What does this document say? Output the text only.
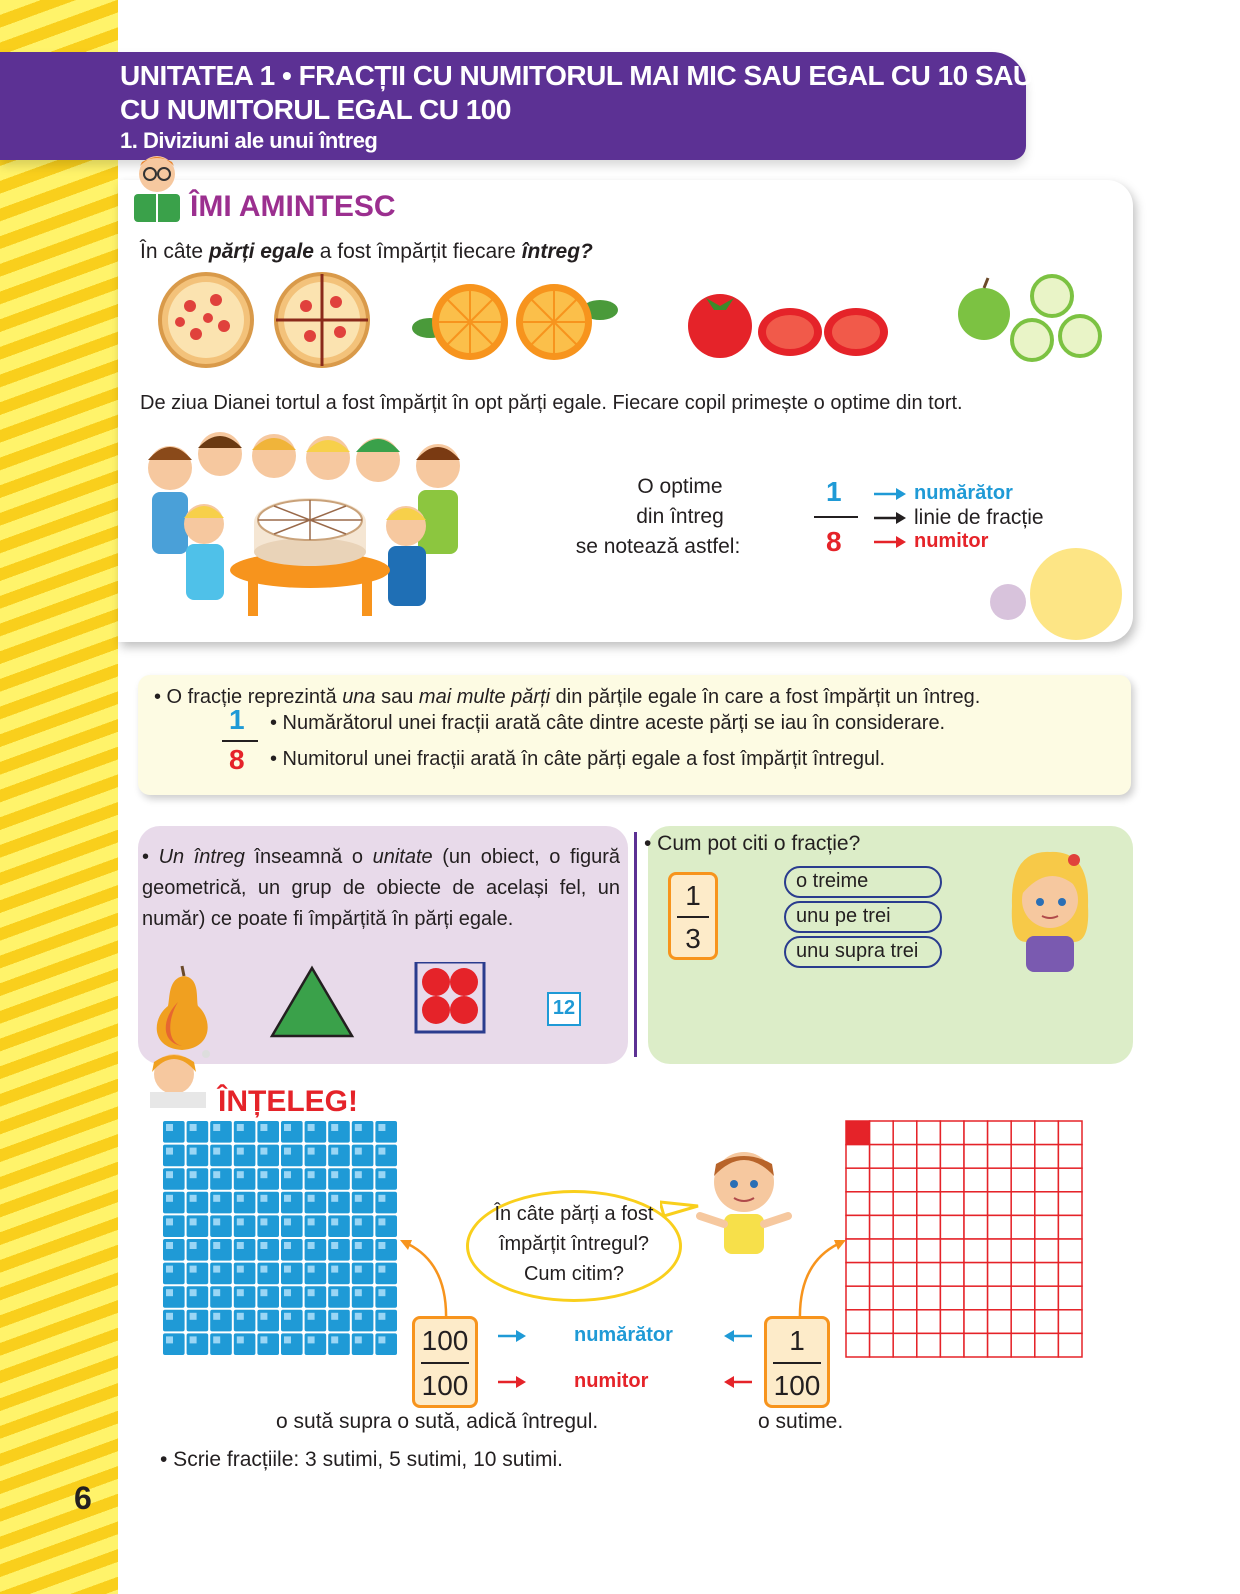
UNITATEA 1 • FRACȚII CU NUMITORUL MAI MIC SAU EGAL CU 10 SAU
CU NUMITORUL EGAL CU 100
1. Diviziuni ale unui întreg
ÎMI AMINTESC
În câte părți egale a fost împărțit fiecare întreg?
De ziua Dianei tortul a fost împărțit în opt părți egale. Fiecare copil primește o optime din tort.
O optime
din întreg
se notează astfel:
1
8
numărător
linie de fracție
numitor
• O fracție reprezintă una sau mai multe părți din părțile egale în care a fost împărțit un întreg.
1
8
• Numărătorul unei fracții arată câte dintre aceste părți se iau în considerare.
• Numitorul unei fracții arată în câte părți egale a fost împărțit întregul.
• Un întreg înseamnă o unitate (un obiect, o figură geometrică, un grup de obiecte de același fel, un număr) ce poate fi împărțită în părți egale.
12
• Cum pot citi o fracție?
1
3
o treime
unu pe trei
unu supra trei
ÎNȚELEG!
În câte părți a fost
împărțit întregul?
Cum citim?
100
100
1
100
numărător
numitor
o sută supra o sută, adică întregul.	o sutime.
• Scrie fracțiile: 3 sutimi, 5 sutimi, 10 sutimi.
6
